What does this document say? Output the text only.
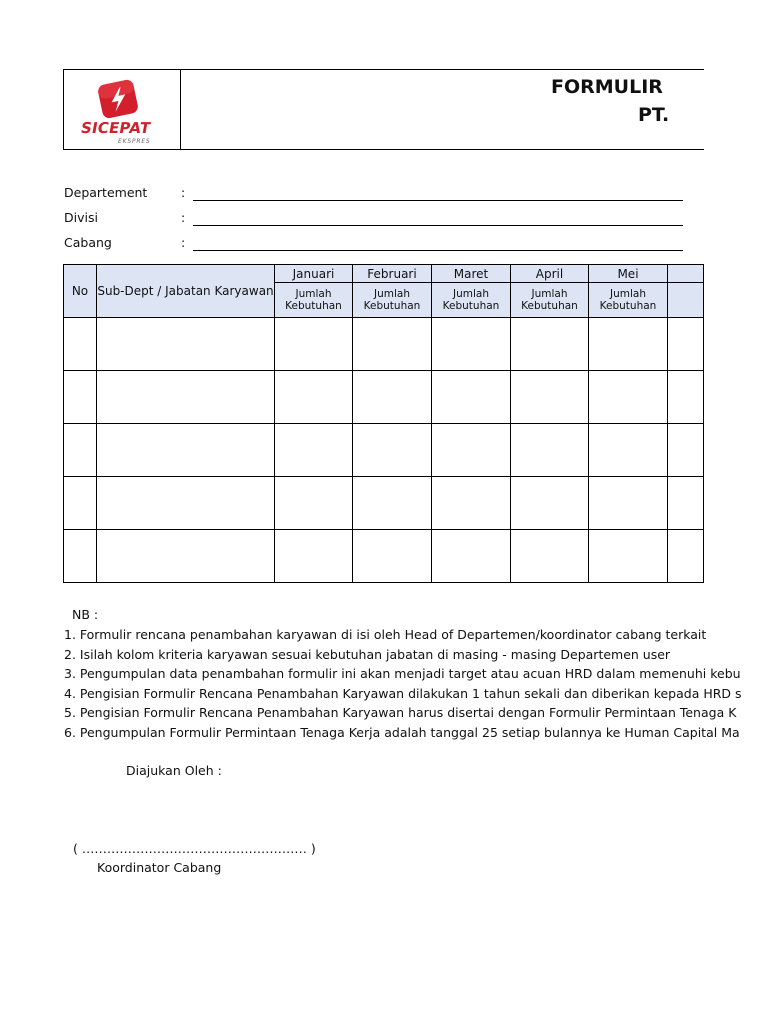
SICEPAT
EKSPRES
FORMULIR
PT.
Departement	:
Divisi	:
Cabang	:
No	Sub-Dept / Jabatan Karyawan	Januari	Februari	Maret	April	Mei	
		Jumlah Kebutuhan	Jumlah Kebutuhan	Jumlah Kebutuhan	Jumlah Kebutuhan	Jumlah Kebutuhan	

NB :
1. Formulir rencana penambahan karyawan di isi oleh Head of Departemen/koordinator cabang terkait
2. Isilah kolom kriteria karyawan sesuai kebutuhan jabatan di masing - masing Departemen user
3. Pengumpulan data penambahan formulir ini akan menjadi target atau acuan HRD dalam memenuhi kebu
4. Pengisian Formulir Rencana Penambahan Karyawan dilakukan 1 tahun sekali dan diberikan kepada HRD s
5. Pengisian Formulir Rencana Penambahan Karyawan harus disertai dengan Formulir Permintaan Tenaga K
6. Pengumpulan Formulir Permintaan Tenaga Kerja adalah tanggal 25 setiap bulannya ke Human Capital Ma
Diajukan Oleh :
( ……………………………………………… )
Koordinator Cabang
